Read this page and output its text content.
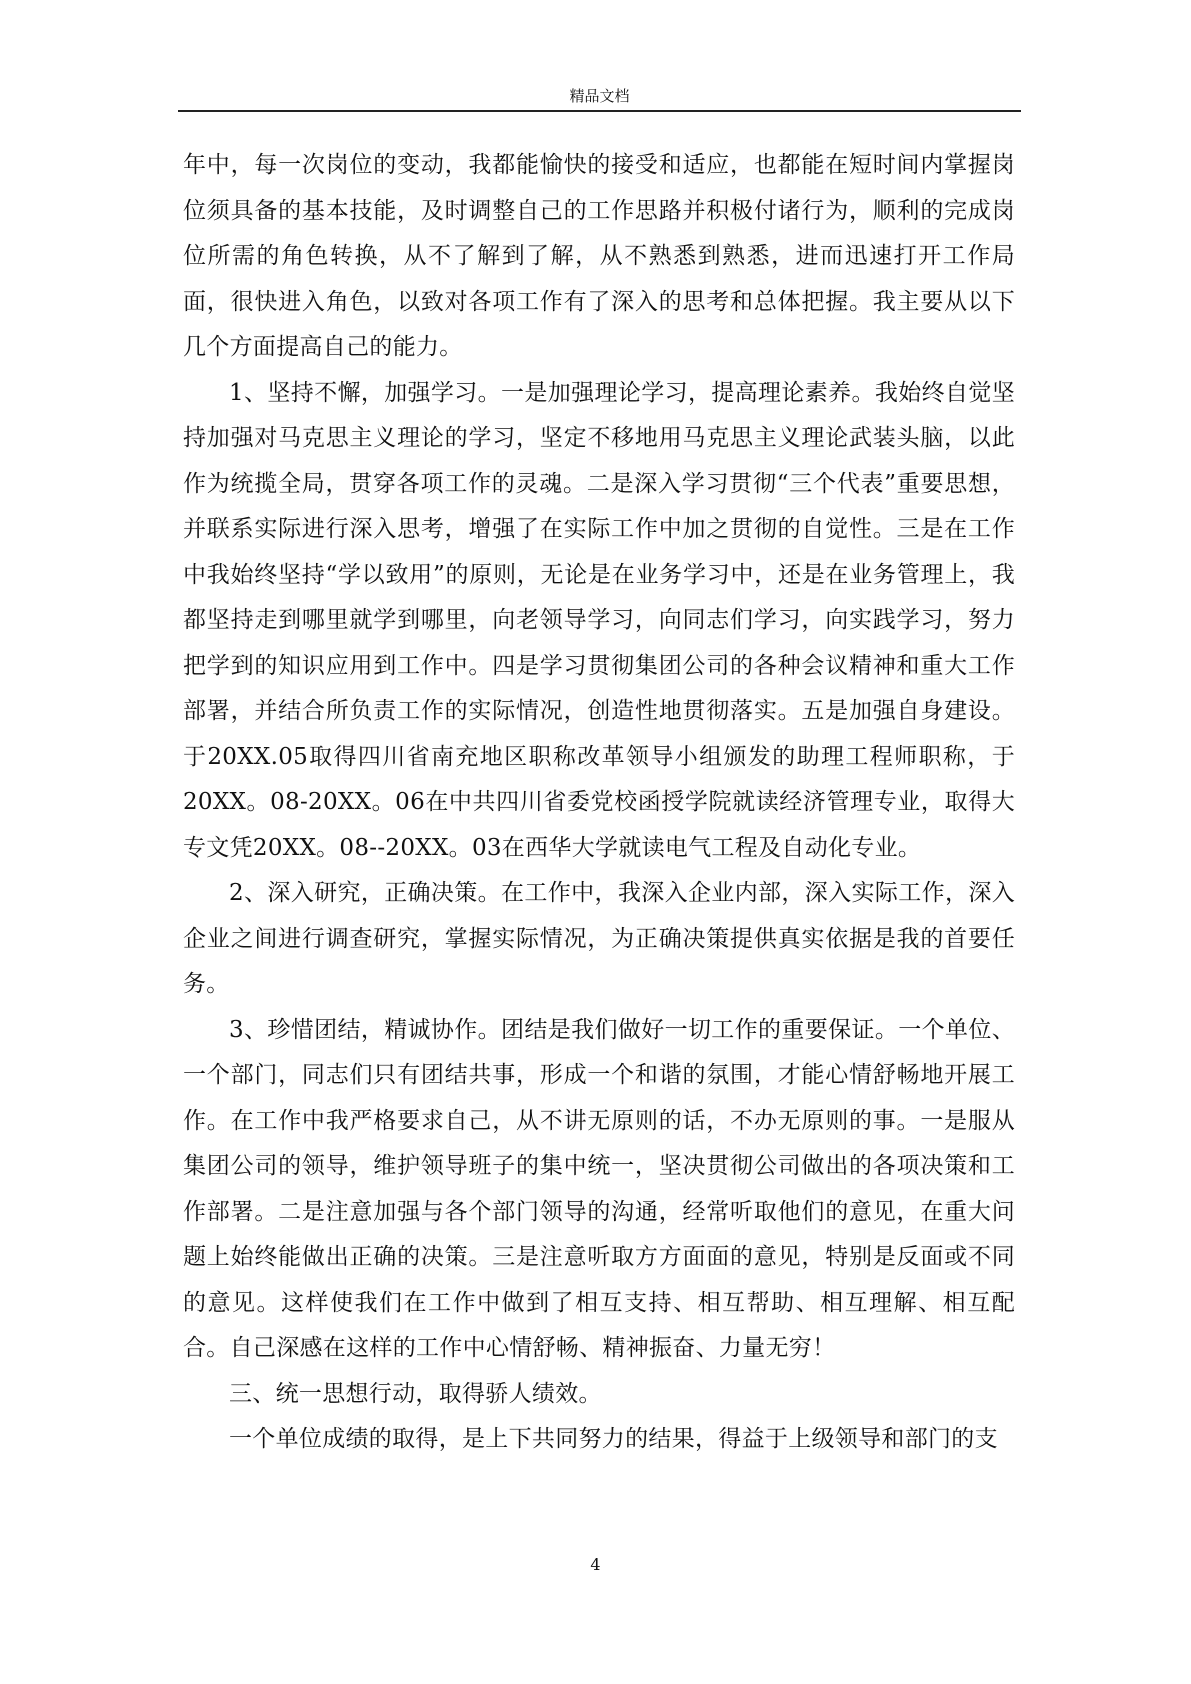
精品文档

年中，每一次岗位的变动，我都能愉快的接受和适应，也都能在短时间内掌握岗位须具备的基本技能，及时调整自己的工作思路并积极付诸行为，顺利的完成岗位所需的角色转换，从不了解到了解，从不熟悉到熟悉，进而迅速打开工作局面，很快进入角色，以致对各项工作有了深入的思考和总体把握。我主要从以下几个方面提高自己的能力。

1、坚持不懈，加强学习。一是加强理论学习，提高理论素养。我始终自觉坚持加强对马克思主义理论的学习，坚定不移地用马克思主义理论武装头脑，以此作为统揽全局，贯穿各项工作的灵魂。二是深入学习贯彻“三个代表”重要思想，并联系实际进行深入思考，增强了在实际工作中加之贯彻的自觉性。三是在工作中我始终坚持“学以致用”的原则，无论是在业务学习中，还是在业务管理上，我都坚持走到哪里就学到哪里，向老领导学习，向同志们学习，向实践学习，努力把学到的知识应用到工作中。四是学习贯彻集团公司的各种会议精神和重大工作部署，并结合所负责工作的实际情况，创造性地贯彻落实。五是加强自身建设。于20XX.05取得四川省南充地区职称改革领导小组颁发的助理工程师职称，于20XX。08-20XX。06在中共四川省委党校函授学院就读经济管理专业，取得大专文凭20XX。08--20XX。03在西华大学就读电气工程及自动化专业。

2、深入研究，正确决策。在工作中，我深入企业内部，深入实际工作，深入企业之间进行调查研究，掌握实际情况，为正确决策提供真实依据是我的首要任务。

3、珍惜团结，精诚协作。团结是我们做好一切工作的重要保证。一个单位、一个部门，同志们只有团结共事，形成一个和谐的氛围，才能心情舒畅地开展工作。在工作中我严格要求自己，从不讲无原则的话，不办无原则的事。一是服从集团公司的领导，维护领导班子的集中统一，坚决贯彻公司做出的各项决策和工作部署。二是注意加强与各个部门领导的沟通，经常听取他们的意见，在重大问题上始终能做出正确的决策。三是注意听取方方面面的意见，特别是反面或不同的意见。这样使我们在工作中做到了相互支持、相互帮助、相互理解、相互配合。自己深感在这样的工作中心情舒畅、精神振奋、力量无穷！

三、统一思想行动，取得骄人绩效。

一个单位成绩的取得，是上下共同努力的结果，得益于上级领导和部门的支

4
